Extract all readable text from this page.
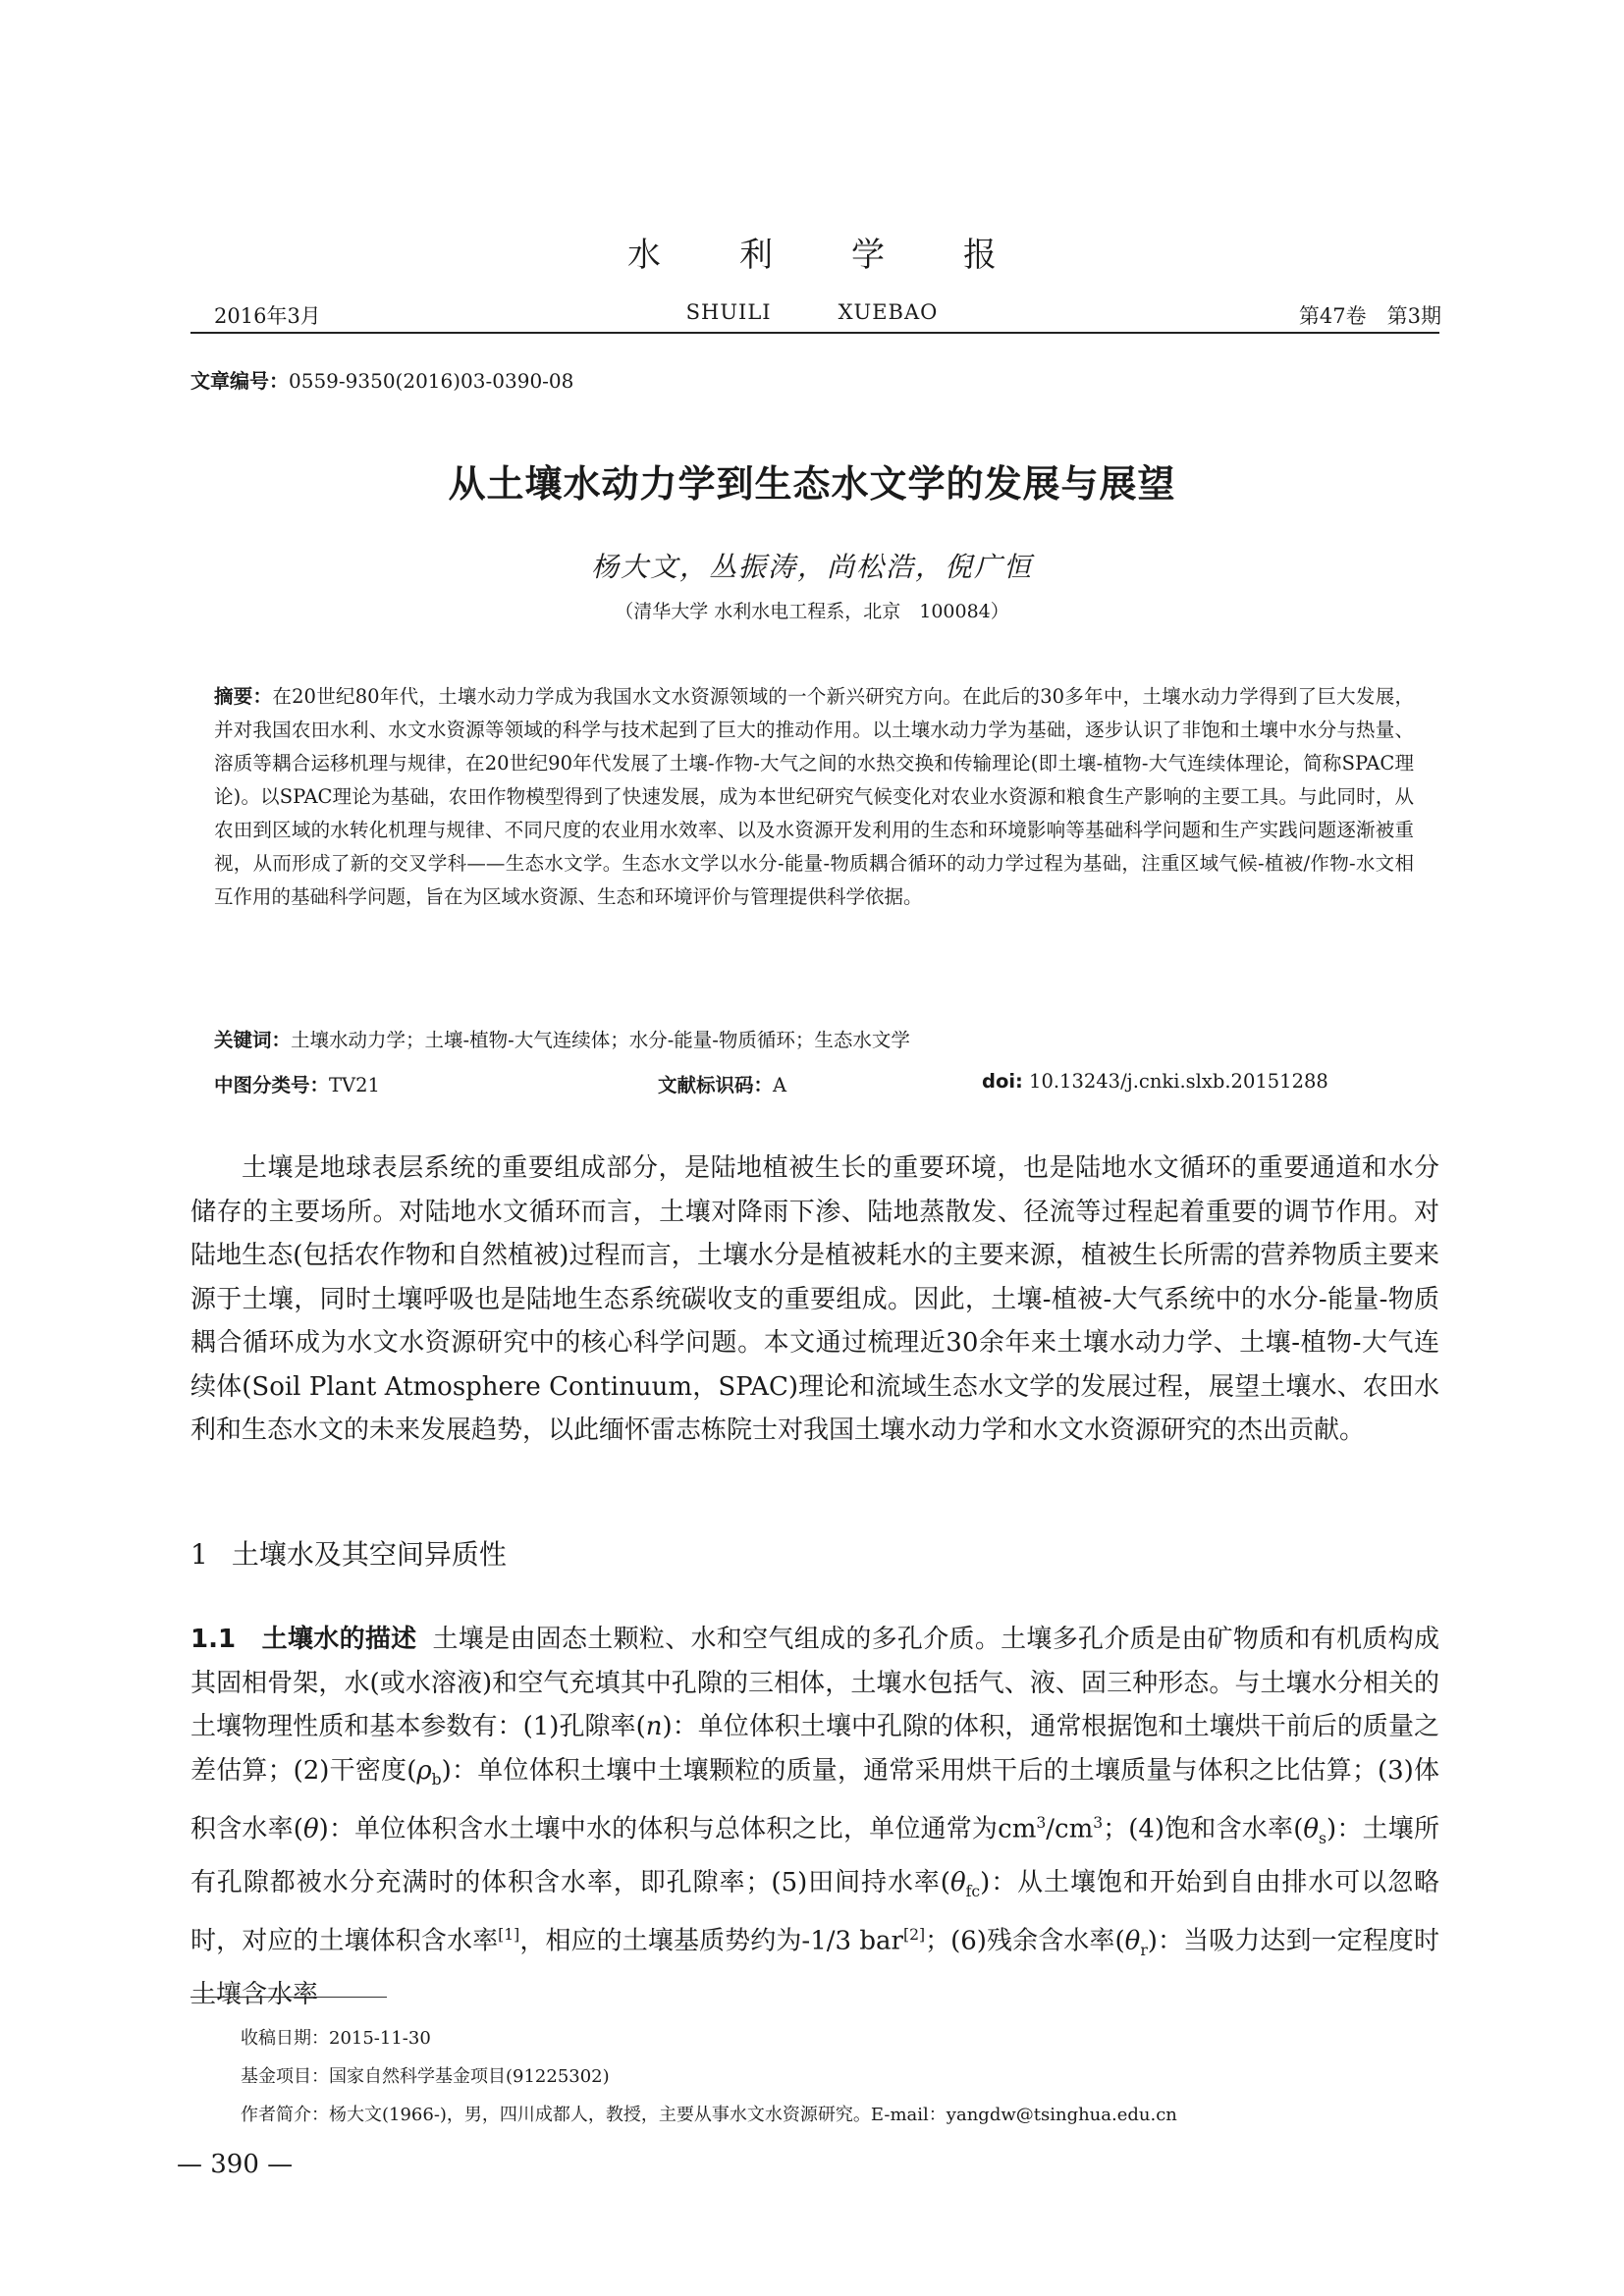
水 利 学 报
2016年3月	SHUILI	XUEBAO	第47卷　第3期
文章编号：0559-9350(2016)03-0390-08
从土壤水动力学到生态水文学的发展与展望
杨大文，丛振涛，尚松浩，倪广恒
（清华大学 水利水电工程系，北京　100084）
摘要：在20世纪80年代，土壤水动力学成为我国水文水资源领域的一个新兴研究方向。在此后的30多年中，土壤水动力学得到了巨大发展，并对我国农田水利、水文水资源等领域的科学与技术起到了巨大的推动作用。以土壤水动力学为基础，逐步认识了非饱和土壤中水分与热量、溶质等耦合运移机理与规律，在20世纪90年代发展了土壤-作物-大气之间的水热交换和传输理论(即土壤-植物-大气连续体理论，简称SPAC理论)。以SPAC理论为基础，农田作物模型得到了快速发展，成为本世纪研究气候变化对农业水资源和粮食生产影响的主要工具。与此同时，从农田到区域的水转化机理与规律、不同尺度的农业用水效率、以及水资源开发利用的生态和环境影响等基础科学问题和生产实践问题逐渐被重视，从而形成了新的交叉学科——生态水文学。生态水文学以水分-能量-物质耦合循环的动力学过程为基础，注重区域气候-植被/作物-水文相互作用的基础科学问题，旨在为区域水资源、生态和环境评价与管理提供科学依据。
关键词：土壤水动力学；土壤-植物-大气连续体；水分-能量-物质循环；生态水文学
中图分类号：TV21	文献标识码：A	doi: 10.13243/j.cnki.slxb.20151288

土壤是地球表层系统的重要组成部分，是陆地植被生长的重要环境，也是陆地水文循环的重要通道和水分储存的主要场所。对陆地水文循环而言，土壤对降雨下渗、陆地蒸散发、径流等过程起着重要的调节作用。对陆地生态(包括农作物和自然植被)过程而言，土壤水分是植被耗水的主要来源，植被生长所需的营养物质主要来源于土壤，同时土壤呼吸也是陆地生态系统碳收支的重要组成。因此，土壤-植被-大气系统中的水分-能量-物质耦合循环成为水文水资源研究中的核心科学问题。本文通过梳理近30余年来土壤水动力学、土壤-植物-大气连续体(Soil Plant Atmosphere Continuum，SPAC)理论和流域生态水文学的发展过程，展望土壤水、农田水利和生态水文的未来发展趋势，以此缅怀雷志栋院士对我国土壤水动力学和水文水资源研究的杰出贡献。

1 土壤水及其空间异质性

1.1　 土壤水的描述 土壤是由固态土颗粒、水和空气组成的多孔介质。土壤多孔介质是由矿物质和有机质构成其固相骨架，水(或水溶液)和空气充填其中孔隙的三相体，土壤水包括气、液、固三种形态。与土壤水分相关的土壤物理性质和基本参数有：(1)孔隙率(n)：单位体积土壤中孔隙的体积，通常根据饱和土壤烘干前后的质量之差估算；(2)干密度$(\rho_b)$：单位体积土壤中土壤颗粒的质量，通常采用烘干后的土壤质量与体积之比估算；(3)体积含水率(θ)：单位体积含水土壤中水的体积与总体积之比，单位通常为$cm^3/cm^3$；(4)饱和含水率$(\theta_s)$：土壤所有孔隙都被水分充满时的体积含水率，即孔隙率；(5)田间持水率$(\theta_{fc})$：从土壤饱和开始到自由排水可以忽略时，对应的土壤体积含水率[1]，相应的土壤基质势约为-1/3 bar[2]；(6)残余含水率$(\theta_r)$：当吸力达到一定程度时土壤含水率

收稿日期：2015-11-30
基金项目：国家自然科学基金项目(91225302)
作者简介：杨大文(1966-)，男，四川成都人，教授，主要从事水文水资源研究。E-mail：yangdw@tsinghua.edu.cn
— 390 —
